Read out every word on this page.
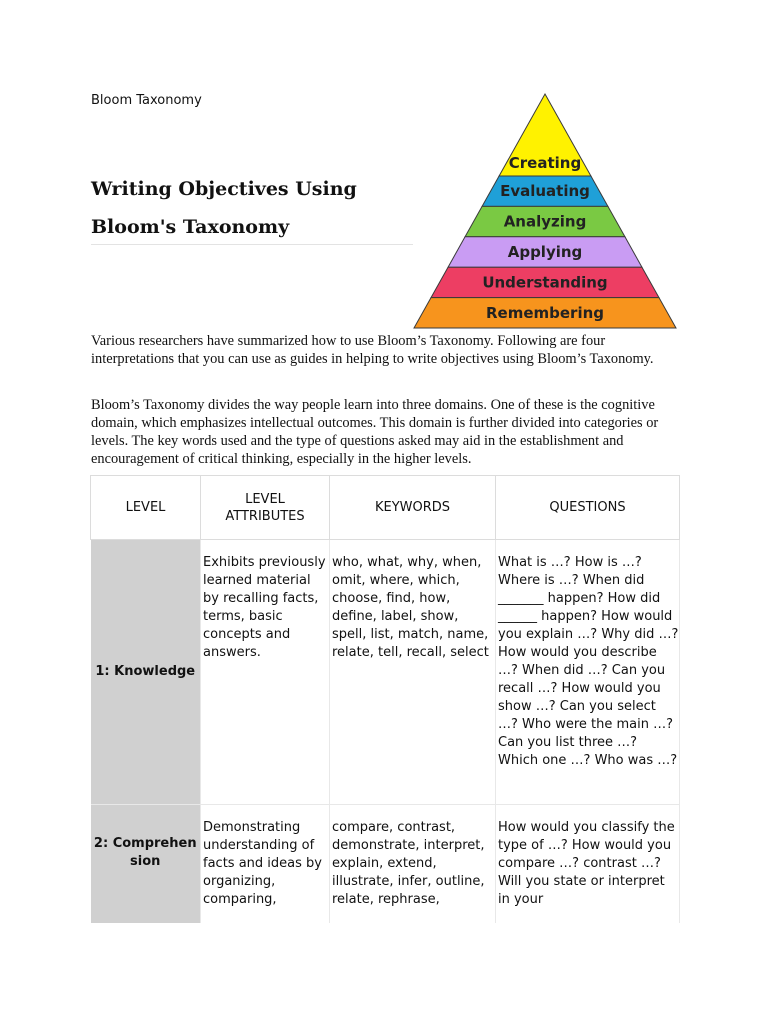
Bloom Taxonomy
Writing Objectives Using
Bloom's Taxonomy
Creating
Evaluating
Analyzing
Applying
Understanding
Remembering

Various researchers have summarized how to use Bloom’s Taxonomy. Following are four interpretations that you can use as guides in helping to write objectives using Bloom’s Taxonomy.

Bloom’s Taxonomy divides the way people learn into three domains. One of these is the cognitive domain, which emphasizes intellectual outcomes. This domain is further divided into categories or levels. The key words used and the type of questions asked may aid in the establishment and encouragement of critical thinking, especially in the higher levels.

LEVEL	LEVEL ATTRIBUTES	KEYWORDS	QUESTIONS
1: Knowledge	Exhibits previously learned material by recalling facts, terms, basic concepts and answers.	who, what, why, when, omit, where, which, choose, find, how, define, label, show, spell, list, match, name, relate, tell, recall, select	What is …? How is …? Where is …? When did _______ happen? How did ______ happen? How would you explain …? Why did …? How would you describe …? When did …? Can you recall …? How would you show …? Can you select …? Who were the main …? Can you list three …? Which one …? Who was …?
2: Comprehension	Demonstrating understanding of facts and ideas by organizing, comparing,	compare, contrast, demonstrate, interpret, explain, extend, illustrate, infer, outline, relate, rephrase,	How would you classify the type of …? How would you compare …? contrast …? Will you state or interpret in your
